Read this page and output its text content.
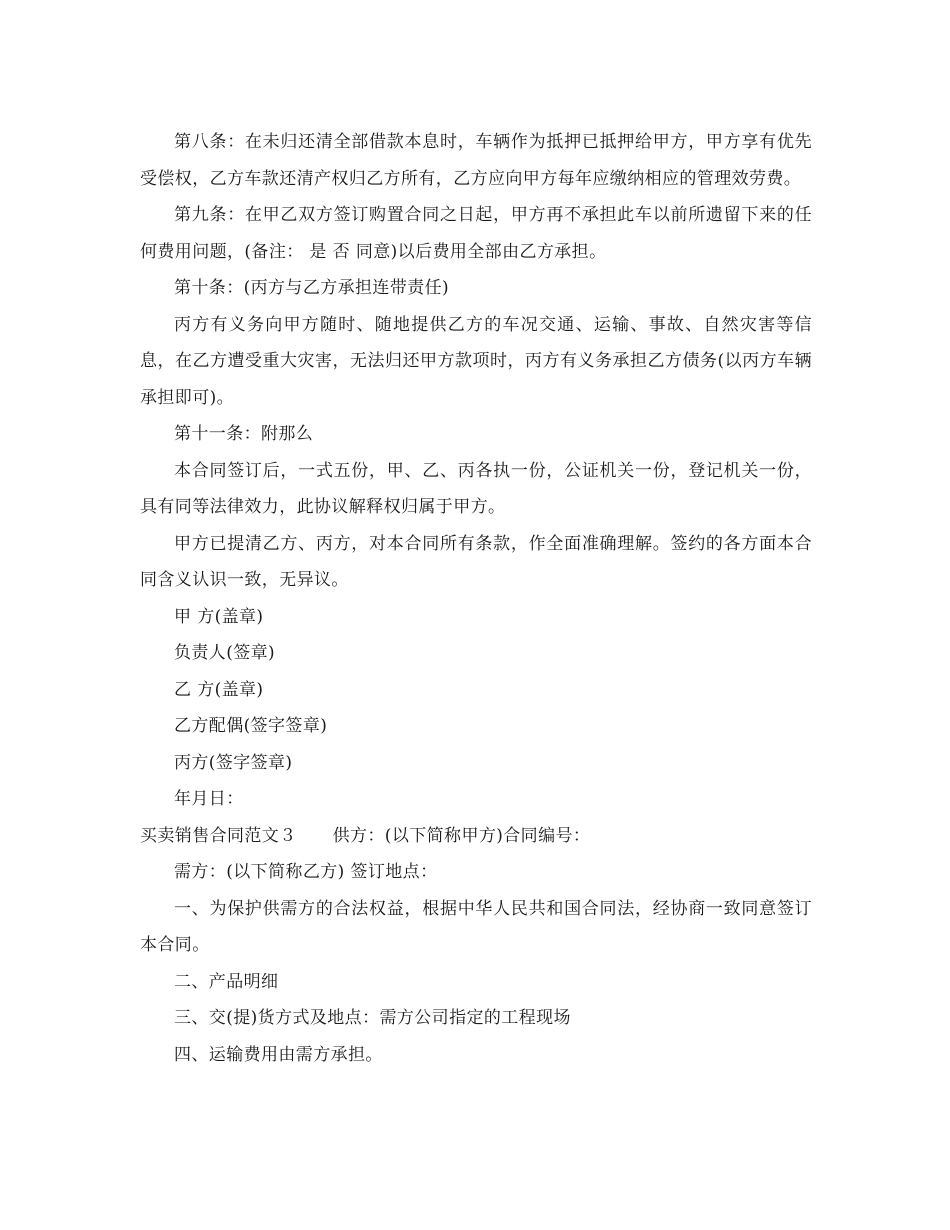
第八条：在未归还清全部借款本息时，车辆作为抵押已抵押给甲方，甲方享有优先受偿权，乙方车款还清产权归乙方所有，乙方应向甲方每年应缴纳相应的管理效劳费。

第九条：在甲乙双方签订购置合同之日起，甲方再不承担此车以前所遗留下来的任何费用问题，(备注： 是 否 同意)以后费用全部由乙方承担。

第十条：(丙方与乙方承担连带责任)

丙方有义务向甲方随时、随地提供乙方的车况交通、运输、事故、自然灾害等信息，在乙方遭受重大灾害，无法归还甲方款项时，丙方有义务承担乙方债务(以丙方车辆承担即可)。

第十一条：附那么

本合同签订后，一式五份，甲、乙、丙各执一份，公证机关一份，登记机关一份，具有同等法律效力，此协议解释权归属于甲方。

甲方已提清乙方、丙方，对本合同所有条款，作全面准确理解。签约的各方面本合同含义认识一致，无异议。

甲 方(盖章)

负责人(签章)

乙 方(盖章)

乙方配偶(签字签章)

丙方(签字签章)

年月日：

买卖销售合同范文３ 供方：(以下简称甲方)合同编号：

需方：(以下简称乙方) 签订地点：

一、为保护供需方的合法权益，根据中华人民共和国合同法，经协商一致同意签订本合同。

二、产品明细

三、交(提)货方式及地点：需方公司指定的工程现场

四、运输费用由需方承担。
